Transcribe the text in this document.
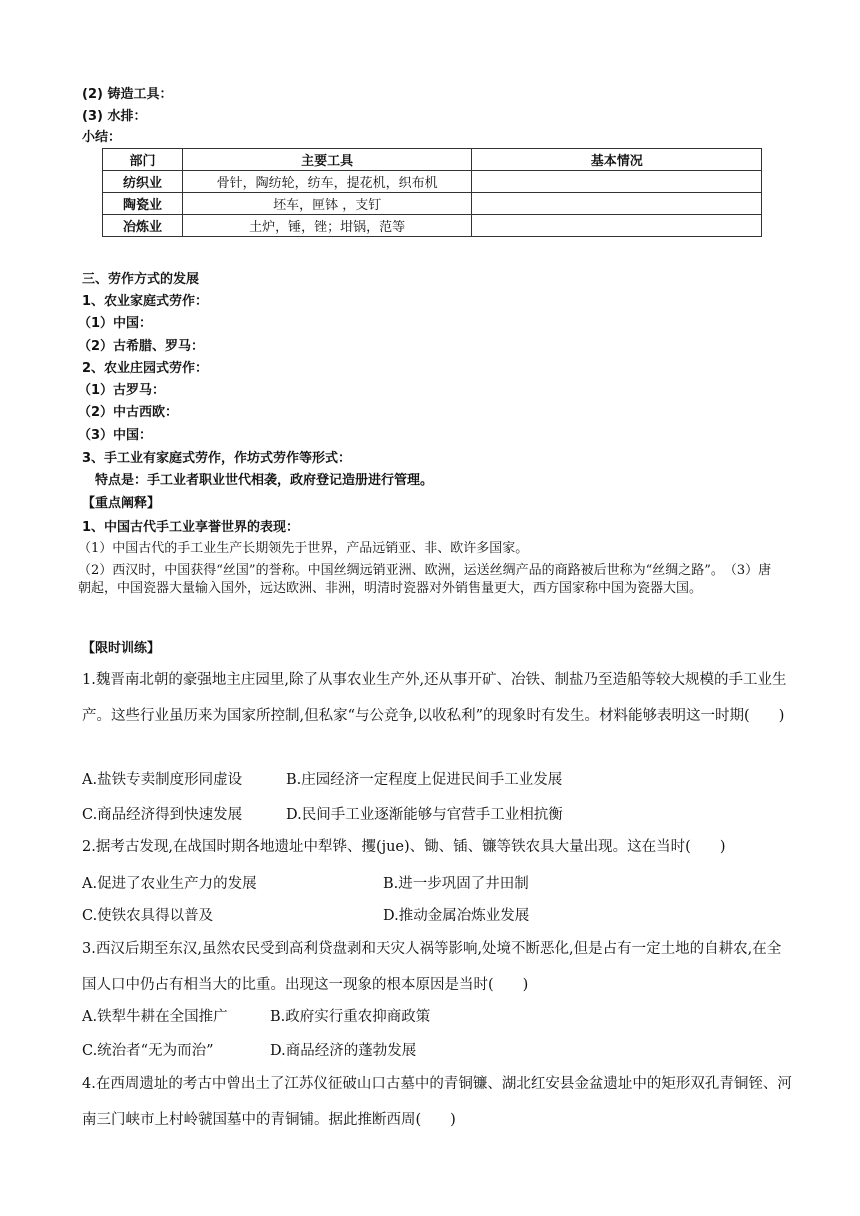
(2) 铸造工具：
(3) 水排：
小结：
部门	主要工具	基本情况
纺织业	骨针，陶纺轮，纺车，提花机，织布机	
陶瓷业	坯车，匣钵 ，支钉	
冶炼业	土炉，锤，锉；坩锅，范等	
三、劳作方式的发展
1、农业家庭式劳作：
（1）中国：
（2）古希腊、罗马：
2、农业庄园式劳作：
（1）古罗马：
（2）中古西欧：
（3）中国：
3、手工业有家庭式劳作，作坊式劳作等形式：
　特点是：手工业者职业世代相袭，政府登记造册进行管理。
【重点阐释】
1、中国古代手工业享誉世界的表现：
（1）中国古代的手工业生产长期领先于世界，产品远销亚、非、欧许多国家。
（2）西汉时，中国获得“丝国”的誉称。中国丝绸远销亚洲、欧洲，运送丝绸产品的商路被后世称为“丝绸之路”。　（3）唐朝起，中国瓷器大量输入国外，远达欧洲、非洲，明清时瓷器对外销售量更大，西方国家称中国为瓷器大国。
【限时训练】
1.魏晋南北朝的豪强地主庄园里,除了从事农业生产外,还从事开矿、冶铁、制盐乃至造船等较大规模的手工业生产。这些行业虽历来为国家所控制,但私家“与公竞争,以收私利”的现象时有发生。材料能够表明这一时期(　　)
A.盐铁专卖制度形同虚设	B.庄园经济一定程度上促进民间手工业发展
C.商品经济得到快速发展	D.民间手工业逐渐能够与官营手工业相抗衡
2.据考古发现,在战国时期各地遗址中犁铧、攫(jue)、锄、锸、镰等铁农具大量出现。这在当时(　　)
A.促进了农业生产力的发展	B.进一步巩固了井田制
C.使铁农具得以普及	D.推动金属冶炼业发展
3.西汉后期至东汉,虽然农民受到高利贷盘剥和天灾人祸等影响,处境不断恶化,但是占有一定土地的自耕农,在全国人口中仍占有相当大的比重。出现这一现象的根本原因是当时(　　)
A.铁犁牛耕在全国推广	B.政府实行重农抑商政策
C.统治者“无为而治”	D.商品经济的蓬勃发展
4.在西周遗址的考古中曾出土了江苏仪征破山口古墓中的青铜镰、湖北红安县金盆遗址中的矩形双孔青铜铚、河南三门峡市上村岭虢国墓中的青铜铺。据此推断西周(　　)
